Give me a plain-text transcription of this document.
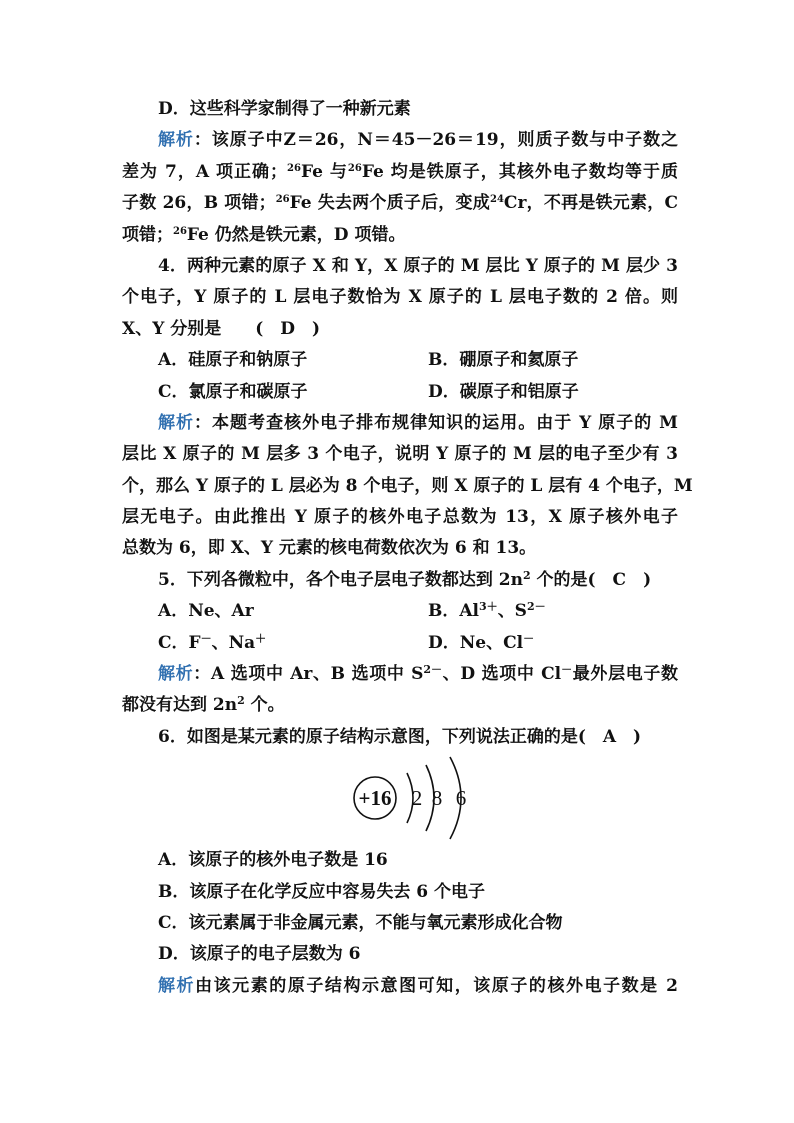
D．这些科学家制得了一种新元素
解析：该原子中Z＝26，N＝45－26＝19，则质子数与中子数之
差为 7，A 项正确；$^{26}$Fe 与$^{26}$Fe 均是铁原子，其核外电子数均等于质
子数 26，B 项错；$^{26}$Fe 失去两个质子后，变成$^{24}$Cr，不再是铁元素，C
项错；$^{26}$Fe 仍然是铁元素，D 项错。
4．两种元素的原子 X 和 Y，X 原子的 M 层比 Y 原子的 M 层少 3
个电子，Y 原子的 L 层电子数恰为 X 原子的 L 层电子数的 2 倍。则
X、Y 分别是　　(　D　)
A．硅原子和钠原子	B．硼原子和氦原子
C．氯原子和碳原子	D．碳原子和铝原子
解析：本题考查核外电子排布规律知识的运用。由于 Y 原子的 M
层比 X 原子的 M 层多 3 个电子，说明 Y 原子的 M 层的电子至少有 3
个，那么 Y 原子的 L 层必为 8 个电子，则 X 原子的 L 层有 4 个电子，M
层无电子。由此推出 Y 原子的核外电子总数为 13，X 原子核外电子
总数为 6，即 X、Y 元素的核电荷数依次为 6 和 13。
5．下列各微粒中，各个电子层电子数都达到 $2n^2$ 个的是(　C　)
A．Ne、Ar	B．$Al^{3+}$、$S^{2-}$
C．F－、Na＋	D．Ne、Cl－
解析：A 选项中 Ar、B 选项中 $S^{2-}$、D 选项中 Cl－最外层电子数
都没有达到 $2n^2$ 个。
6．如图是某元素的原子结构示意图，下列说法正确的是(　A　)
+16 2 8 6
A．该原子的核外电子数是 16
B．该原子在化学反应中容易失去 6 个电子
C．该元素属于非金属元素，不能与氧元素形成化合物
D．该原子的电子层数为 6
解析由该元素的原子结构示意图可知，该原子的核外电子数是 2
